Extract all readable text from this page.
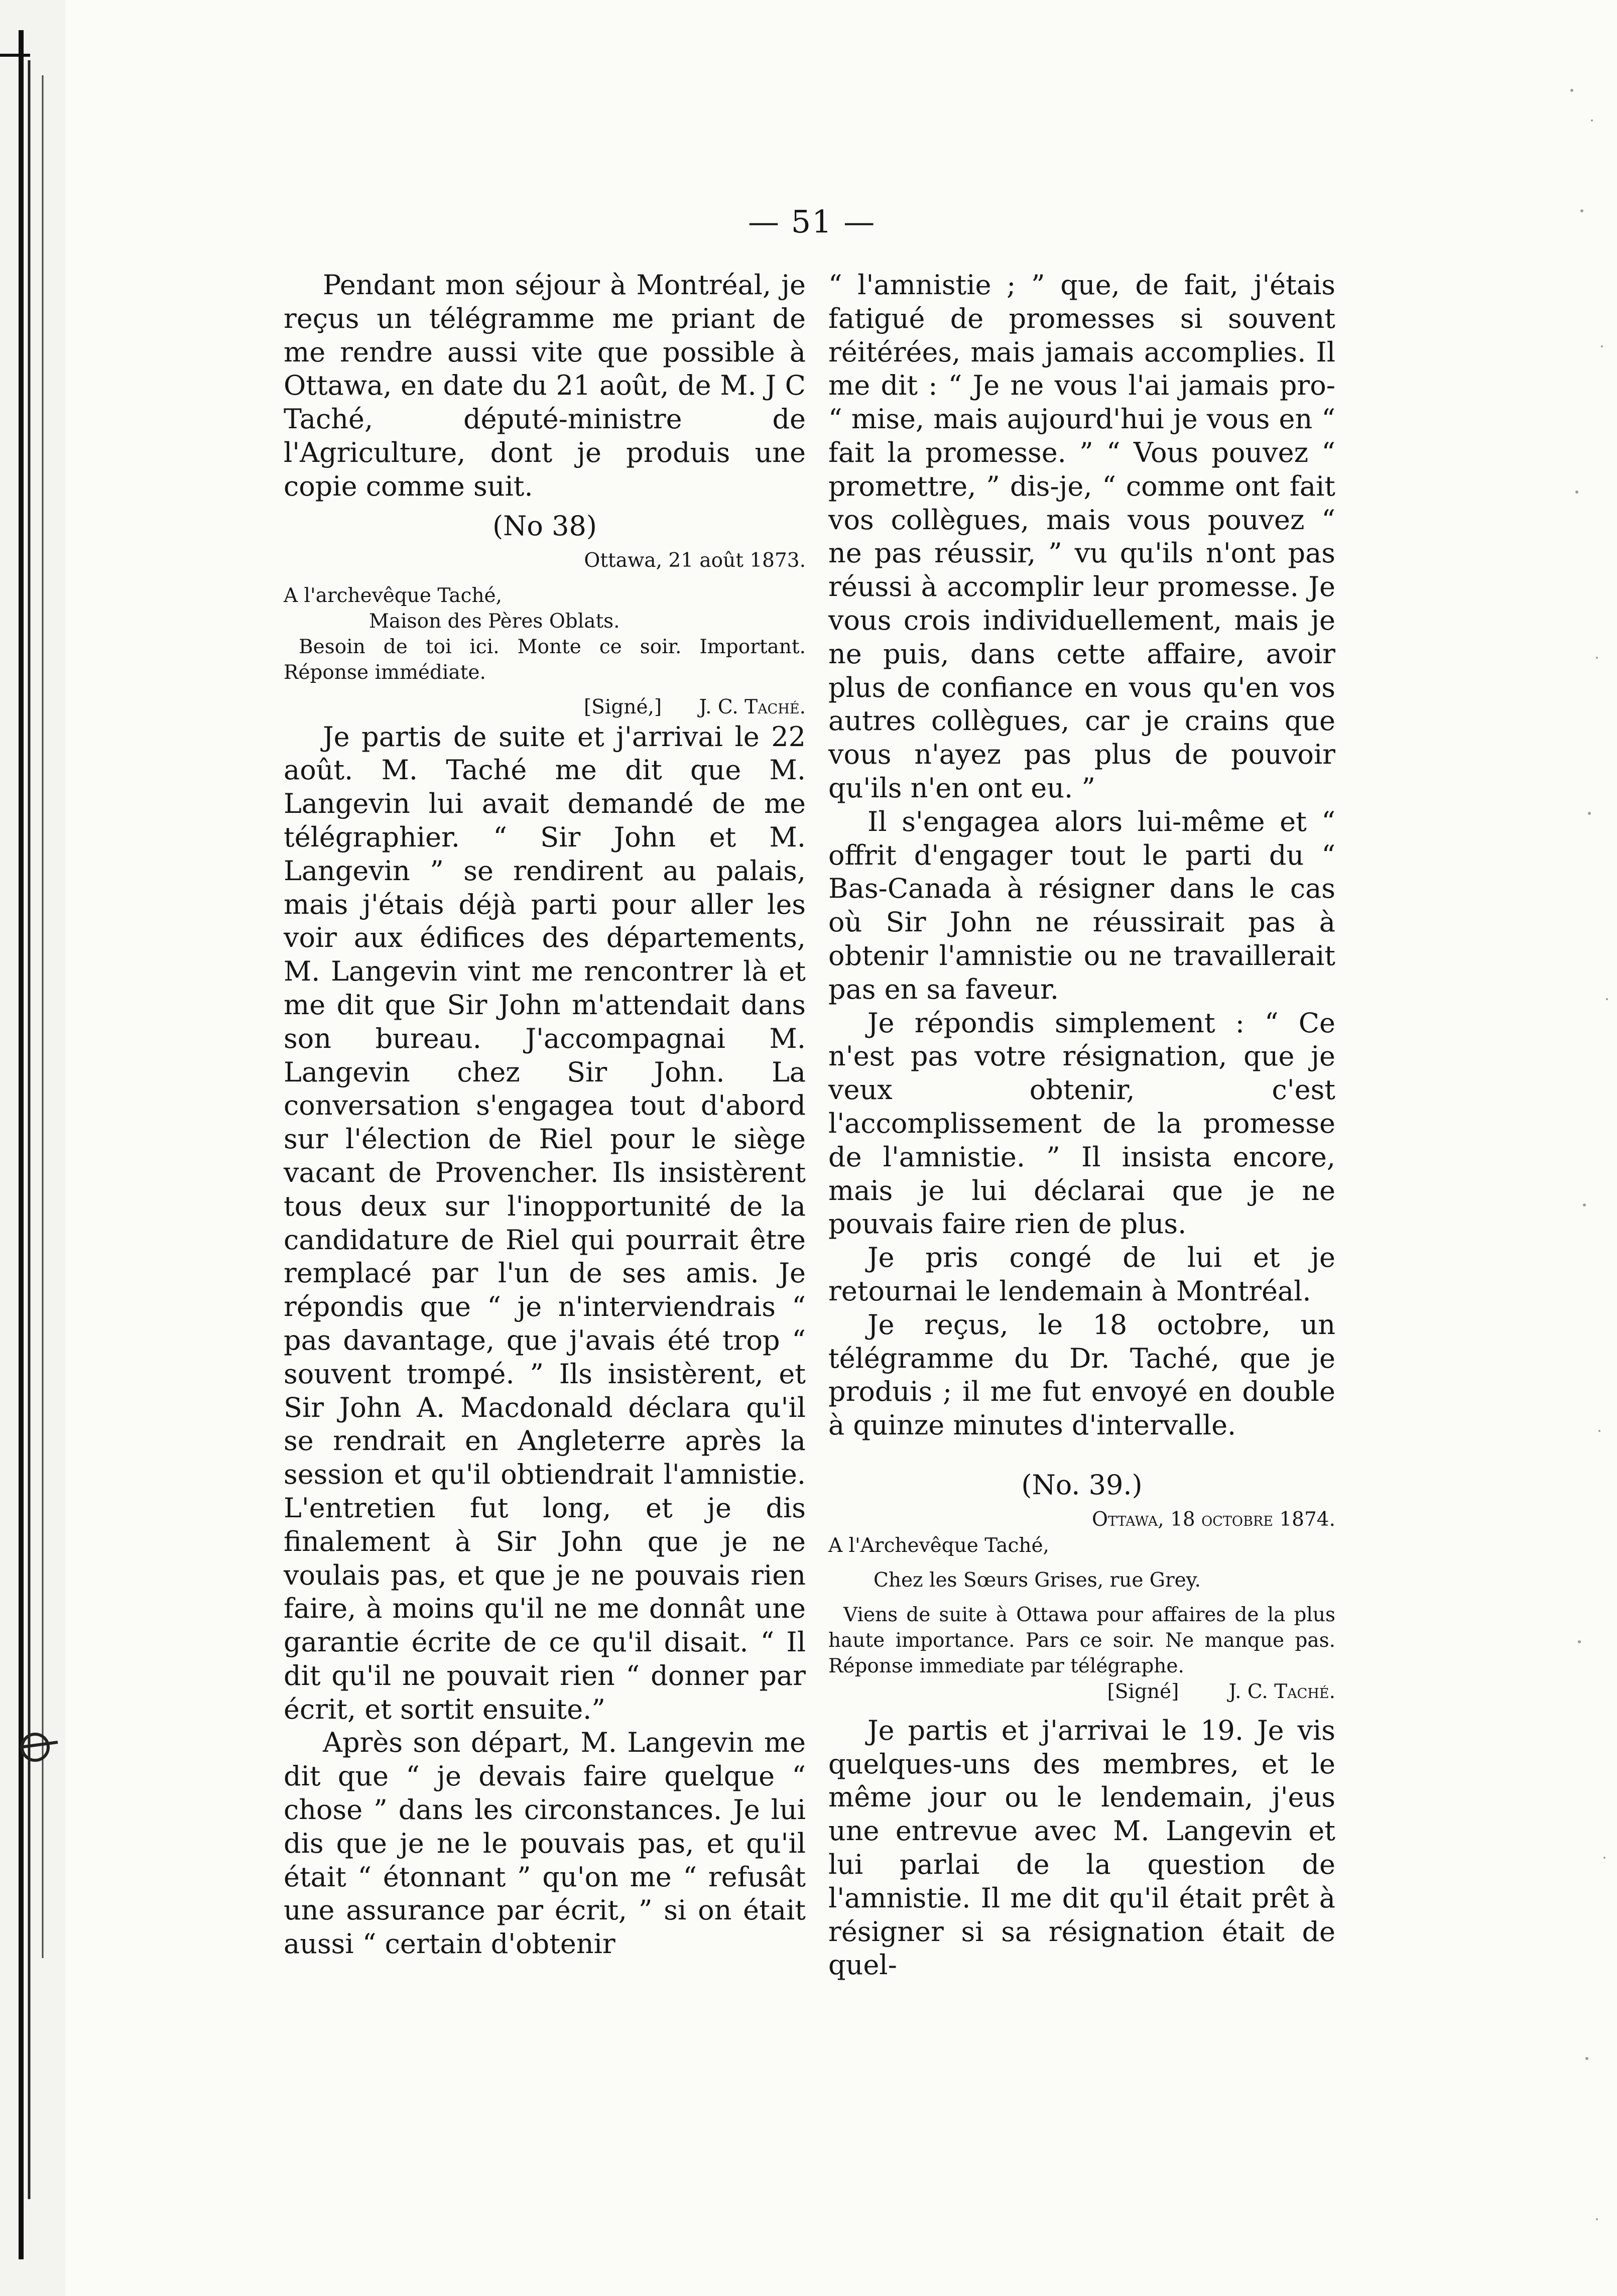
— 51 —

Pendant mon séjour à Montréal, je reçus un télégramme me priant de me rendre aussi vite que possible à Ottawa, en date du 21 août, de M. J C Taché, député-ministre de l'Agriculture, dont je produis une copie comme suit.

(No 38)

Ottawa, 21 août 1873.

A l'archevêque Taché,

Maison des Pères Oblats.

Besoin de toi ici. Monte ce soir. Important. Réponse immédiate.

[Signé,] J. C. Taché.

Je partis de suite et j'arrivai le 22 août. M. Taché me dit que M. Langevin lui avait demandé de me télégraphier. “ Sir John et M. Langevin ” se rendirent au palais, mais j'étais déjà parti pour aller les voir aux édifices des départements, M. Langevin vint me rencontrer là et me dit que Sir John m'attendait dans son bureau. J'accompagnai M. Langevin chez Sir John. La conversation s'engagea tout d'abord sur l'élection de Riel pour le siège vacant de Provencher. Ils insistèrent tous deux sur l'inopportunité de la candidature de Riel qui pourrait être remplacé par l'un de ses amis. Je répondis que “ je n'interviendrais “ pas davantage, que j'avais été trop “ souvent trompé. ” Ils insistèrent, et Sir John A. Macdonald déclara qu'il se rendrait en Angleterre après la session et qu'il obtiendrait l'amnistie. L'entretien fut long, et je dis finalement à Sir John que je ne voulais pas, et que je ne pouvais rien faire, à moins qu'il ne me donnât une garantie écrite de ce qu'il disait. “ Il dit qu'il ne pouvait rien “ donner par écrit, et sortit ensuite.”

Après son départ, M. Langevin me dit que “ je devais faire quelque “ chose ” dans les circonstances. Je lui dis que je ne le pouvais pas, et qu'il était “ étonnant ” qu'on me “ refusât une assurance par écrit, ” si on était aussi “ certain d'obtenir

“ l'amnistie ; ” que, de fait, j'étais fatigué de promesses si souvent réitérées, mais jamais accomplies. Il me dit : “ Je ne vous l'ai jamais pro- “ mise, mais aujourd'hui je vous en “ fait la promesse. ” “ Vous pouvez “ promettre, ” dis-je, “ comme ont fait vos collègues, mais vous pouvez “ ne pas réussir, ” vu qu'ils n'ont pas réussi à accomplir leur promesse. Je vous crois individuellement, mais je ne puis, dans cette affaire, avoir plus de confiance en vous qu'en vos autres collègues, car je crains que vous n'ayez pas plus de pouvoir qu'ils n'en ont eu. ”

Il s'engagea alors lui-même et “ offrit d'engager tout le parti du “ Bas-Canada à résigner dans le cas où Sir John ne réussirait pas à obtenir l'amnistie ou ne travaillerait pas en sa faveur.

Je répondis simplement : “ Ce n'est pas votre résignation, que je veux obtenir, c'est l'accomplissement de la promesse de l'amnistie. ” Il insista encore, mais je lui déclarai que je ne pouvais faire rien de plus.

Je pris congé de lui et je retournai le lendemain à Montréal.

Je reçus, le 18 octobre, un télégramme du Dr. Taché, que je produis ; il me fut envoyé en double à quinze minutes d'intervalle.

(No. 39.)

Ottawa, 18 octobre 1874.

A l'Archevêque Taché,

Chez les Sœurs Grises, rue Grey.

Viens de suite à Ottawa pour affaires de la plus haute importance. Pars ce soir. Ne manque pas. Réponse immediate par télégraphe.

[Signé]	J. C. Taché.

Je partis et j'arrivai le 19. Je vis quelques-uns des membres, et le même jour ou le lendemain, j'eus une entrevue avec M. Langevin et lui parlai de la question de l'amnistie. Il me dit qu'il était prêt à résigner si sa résignation était de quel-
